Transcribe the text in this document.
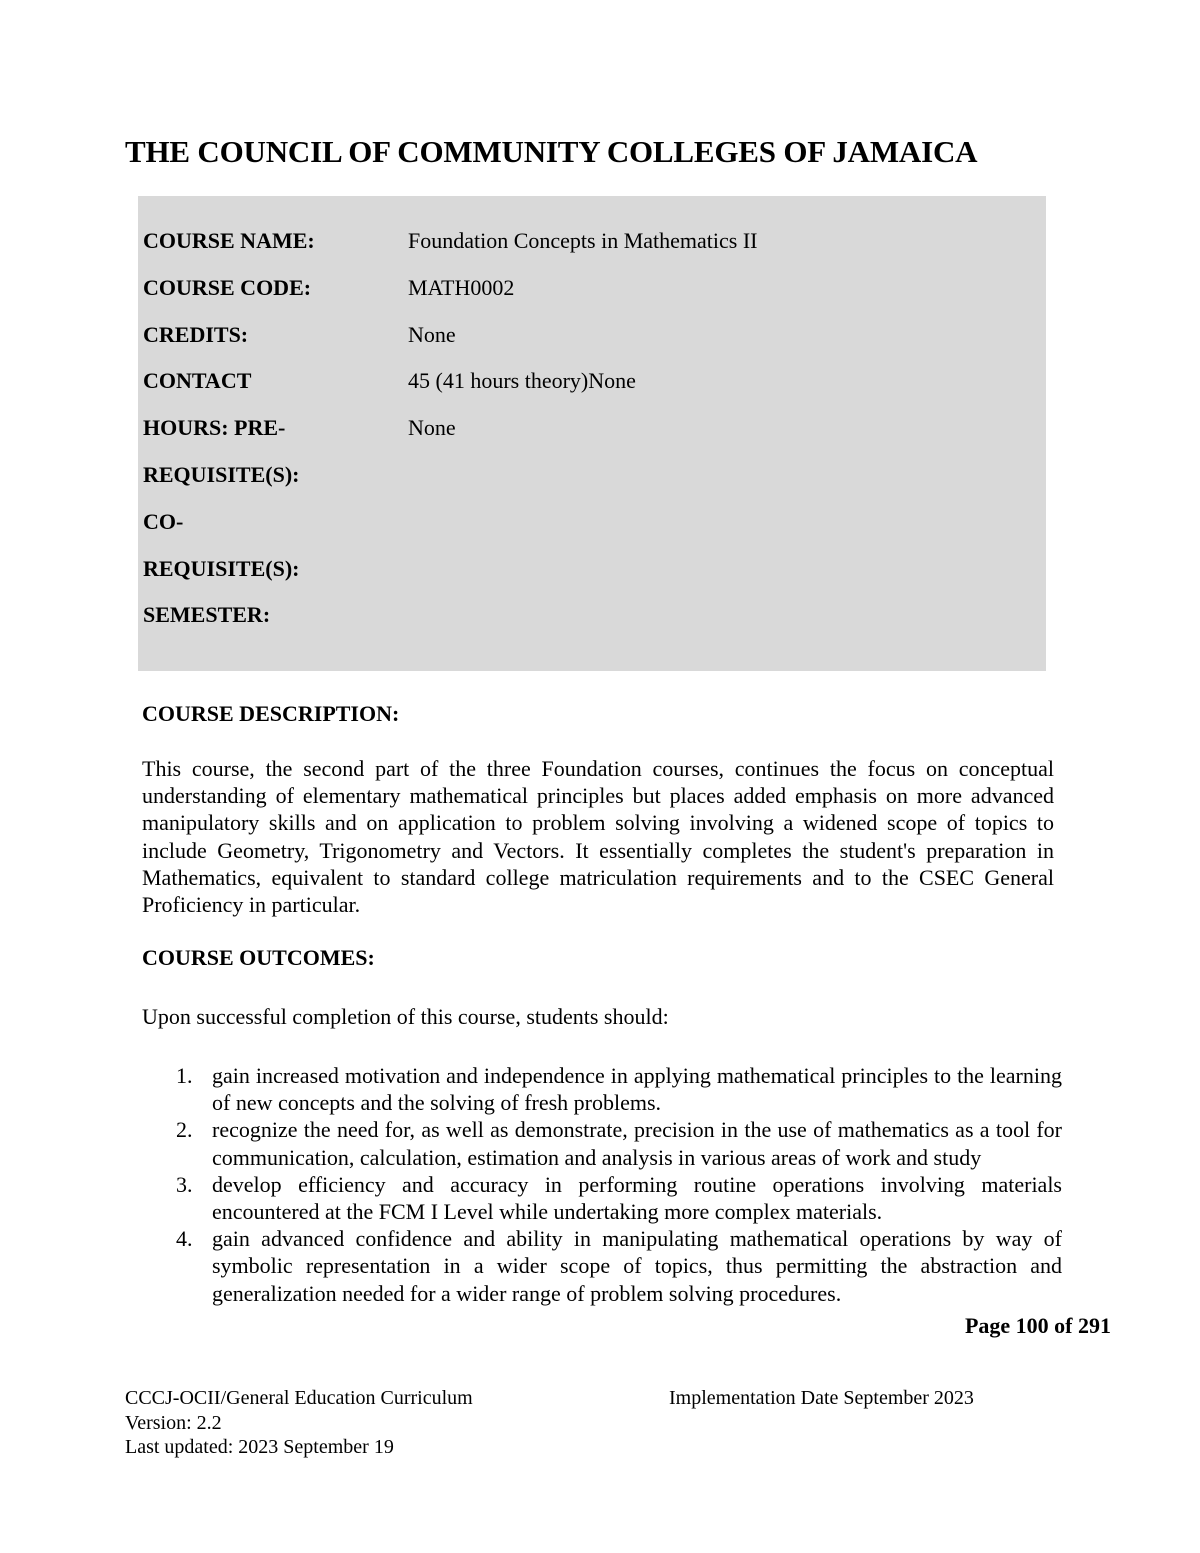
THE COUNCIL OF COMMUNITY COLLEGES OF JAMAICA
COURSE NAME:
COURSE CODE:
CREDITS:
CONTACT
HOURS: PRE-
REQUISITE(S):
CO-
REQUISITE(S):
SEMESTER:
Foundation Concepts in Mathematics II
MATH0002
None
45 (41 hours theory)None
None
COURSE DESCRIPTION:

This course, the second part of the three Foundation courses, continues the focus on conceptual understanding of elementary mathematical principles but places added emphasis on more advanced manipulatory skills and on application to problem solving involving a widened scope of topics to include Geometry, Trigonometry and Vectors. It essentially completes the student's preparation in Mathematics, equivalent to standard college matriculation requirements and to the CSEC General Proficiency in particular.

COURSE OUTCOMES:

Upon successful completion of this course, students should:

1. gain increased motivation and independence in applying mathematical principles to the learning of new concepts and the solving of fresh problems.
2. recognize the need for, as well as demonstrate, precision in the use of mathematics as a tool for communication, calculation, estimation and analysis in various areas of work and study
3. develop efficiency and accuracy in performing routine operations involving materials encountered at the FCM I Level while undertaking more complex materials.
4. gain advanced confidence and ability in manipulating mathematical operations by way of symbolic representation in a wider scope of topics, thus permitting the abstraction and generalization needed for a wider range of problem solving procedures.
Page 100 of 291
CCCJ-OCII/General Education Curriculum
Version: 2.2
Last updated: 2023 September 19
Implementation Date September 2023
